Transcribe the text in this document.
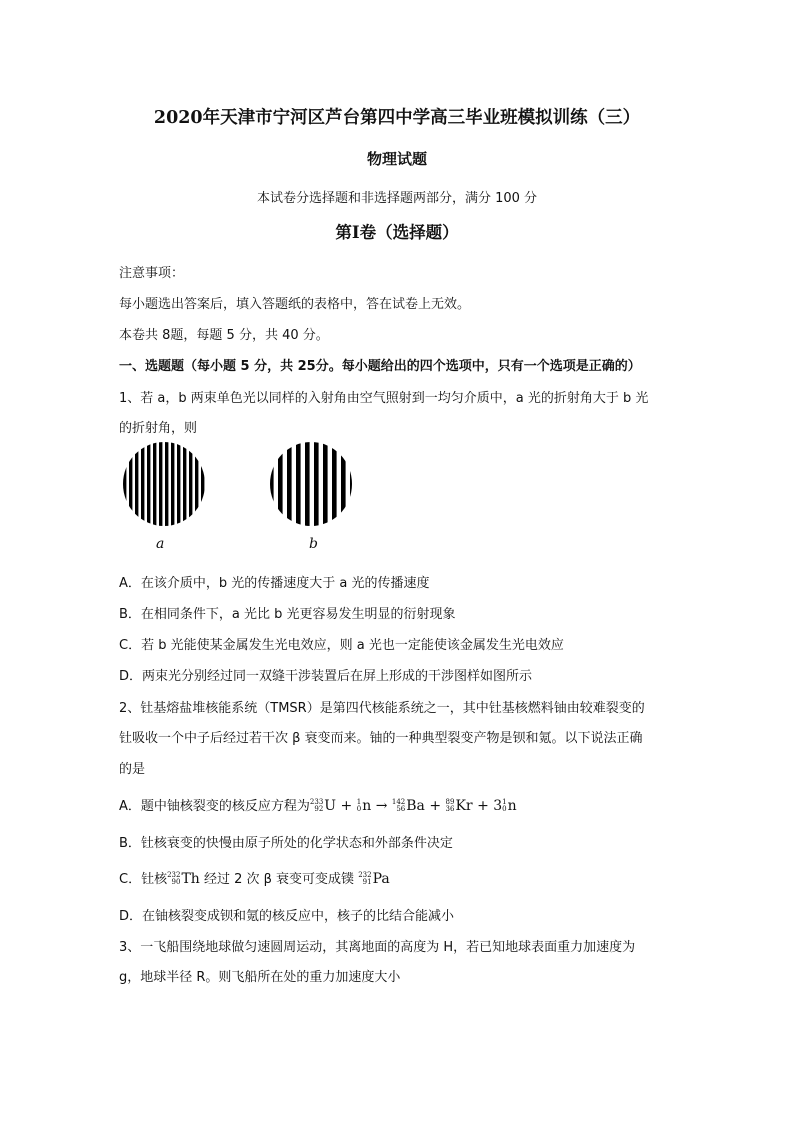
2020年天津市宁河区芦台第四中学高三毕业班模拟训练（三）
物理试题
本试卷分选择题和非选择题两部分，满分 100 分
第Ⅰ卷（选择题）
注意事项：
每小题选出答案后，填入答题纸的表格中，答在试卷上无效。
本卷共 8题，每题 5 分，共 40 分。
一、选题题（每小题 5 分，共 25分。每小题给出的四个选项中，只有一个选项是正确的）
1、若 a，b 两束单色光以同样的入射角由空气照射到一均匀介质中，a 光的折射角大于 b 光
的折射角，则
a	b
A．在该介质中，b 光的传播速度大于 a 光的传播速度
B．在相同条件下，a 光比 b 光更容易发生明显的衍射现象
C．若 b 光能使某金属发生光电效应，则 a 光也一定能使该金属发生光电效应
D．两束光分别经过同一双缝干涉装置后在屏上形成的干涉图样如图所示
2、钍基熔盐堆核能系统（TMSR）是第四代核能系统之一，其中钍基核燃料铀由较难裂变的
钍吸收一个中子后经过若干次 β 衰变而来。铀的一种典型裂变产物是钡和氪。以下说法正确
的是
A．题中铀核裂变的核反应方程为 233
92 U + 1
0 n → 142
56 Ba + 89
36 Kr + 3 1
0 n
B．钍核衰变的快慢由原子所处的化学状态和外部条件决定
C．钍核 232
90 Th 经过 2 次 β 衰变可变成镤 232
91 Pa
D．在铀核裂变成钡和氪的核反应中，核子的比结合能减小
3、一飞船围绕地球做匀速圆周运动，其离地面的高度为 H，若已知地球表面重力加速度为
g，地球半径 R。则飞船所在处的重力加速度大小
